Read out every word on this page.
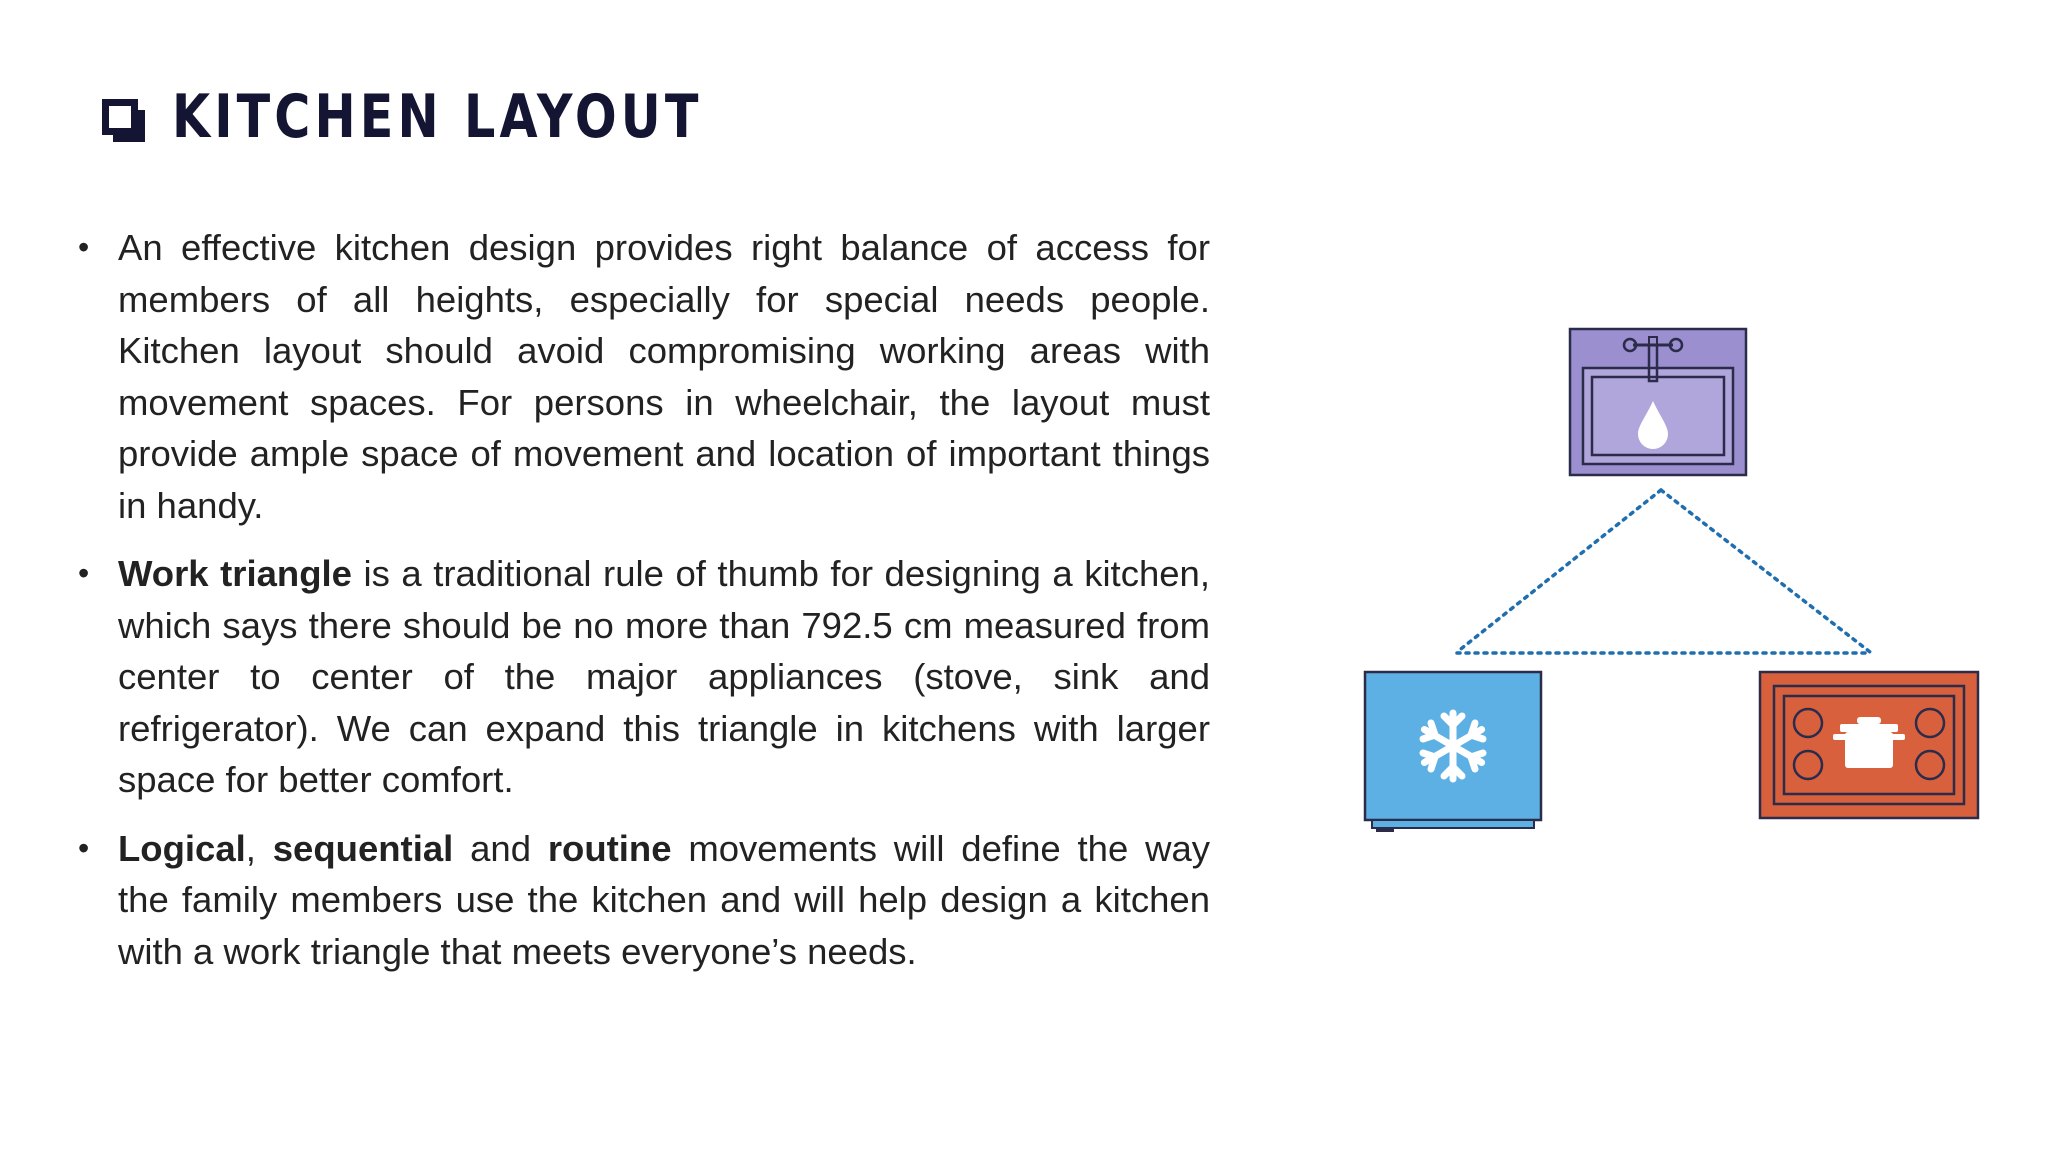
KITCHEN LAYOUT
• An effective kitchen design provides right balance of access for members of all heights, especially for special needs people. Kitchen layout should avoid compromising working areas with movement spaces. For persons in wheelchair, the layout must provide ample space of movement and location of important things in handy.
• Work triangle is a traditional rule of thumb for designing a kitchen, which says there should be no more than 792.5 cm measured from center to center of the major appliances (stove, sink and refrigerator). We can expand this triangle in kitchens with larger space for better comfort.
• Logical, sequential and routine movements will define the way the family members use the kitchen and will help design a kitchen with a work triangle that meets everyone’s needs.
